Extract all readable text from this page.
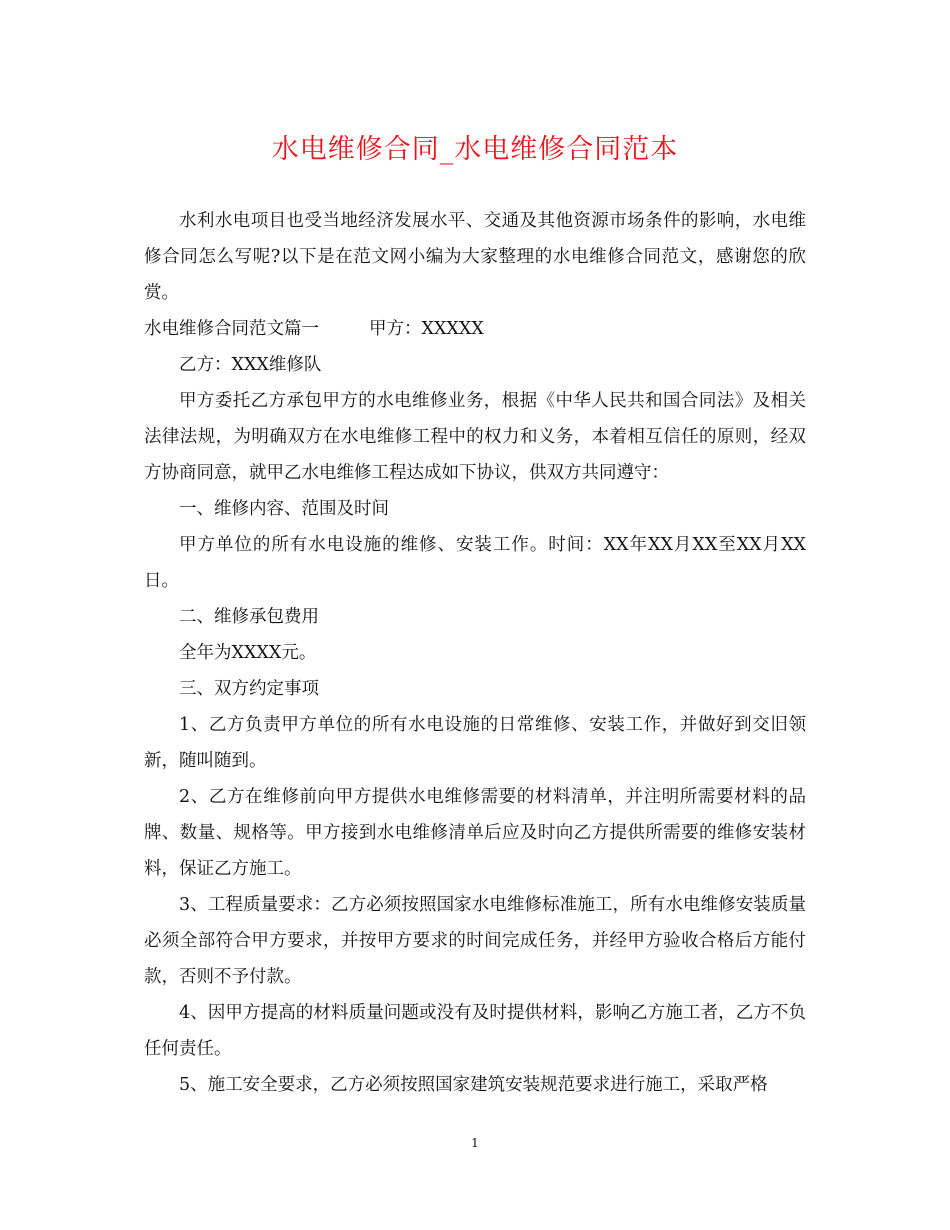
水电维修合同_水电维修合同范本

水利水电项目也受当地经济发展水平、交通及其他资源市场条件的影响，水电维修合同怎么写呢?以下是在范文网小编为大家整理的水电维修合同范文，感谢您的欣赏。

水电维修合同范文篇一	甲方：XXXXX

乙方：XXX维修队

甲方委托乙方承包甲方的水电维修业务，根据《中华人民共和国合同法》及相关法律法规，为明确双方在水电维修工程中的权力和义务，本着相互信任的原则，经双方协商同意，就甲乙水电维修工程达成如下协议，供双方共同遵守：

一、维修内容、范围及时间

甲方单位的所有水电设施的维修、安装工作。时间：XX年XX月XX至XX月XX日。

二、维修承包费用

全年为XXXX元。

三、双方约定事项

1、乙方负责甲方单位的所有水电设施的日常维修、安装工作，并做好到交旧领新，随叫随到。

2、乙方在维修前向甲方提供水电维修需要的材料清单，并注明所需要材料的品牌、数量、规格等。甲方接到水电维修清单后应及时向乙方提供所需要的维修安装材料，保证乙方施工。

3、工程质量要求：乙方必须按照国家水电维修标准施工，所有水电维修安装质量必须全部符合甲方要求，并按甲方要求的时间完成任务，并经甲方验收合格后方能付款，否则不予付款。

4、因甲方提高的材料质量问题或没有及时提供材料，影响乙方施工者，乙方不负任何责任。

5、施工安全要求，乙方必须按照国家建筑安装规范要求进行施工，采取严格

1
